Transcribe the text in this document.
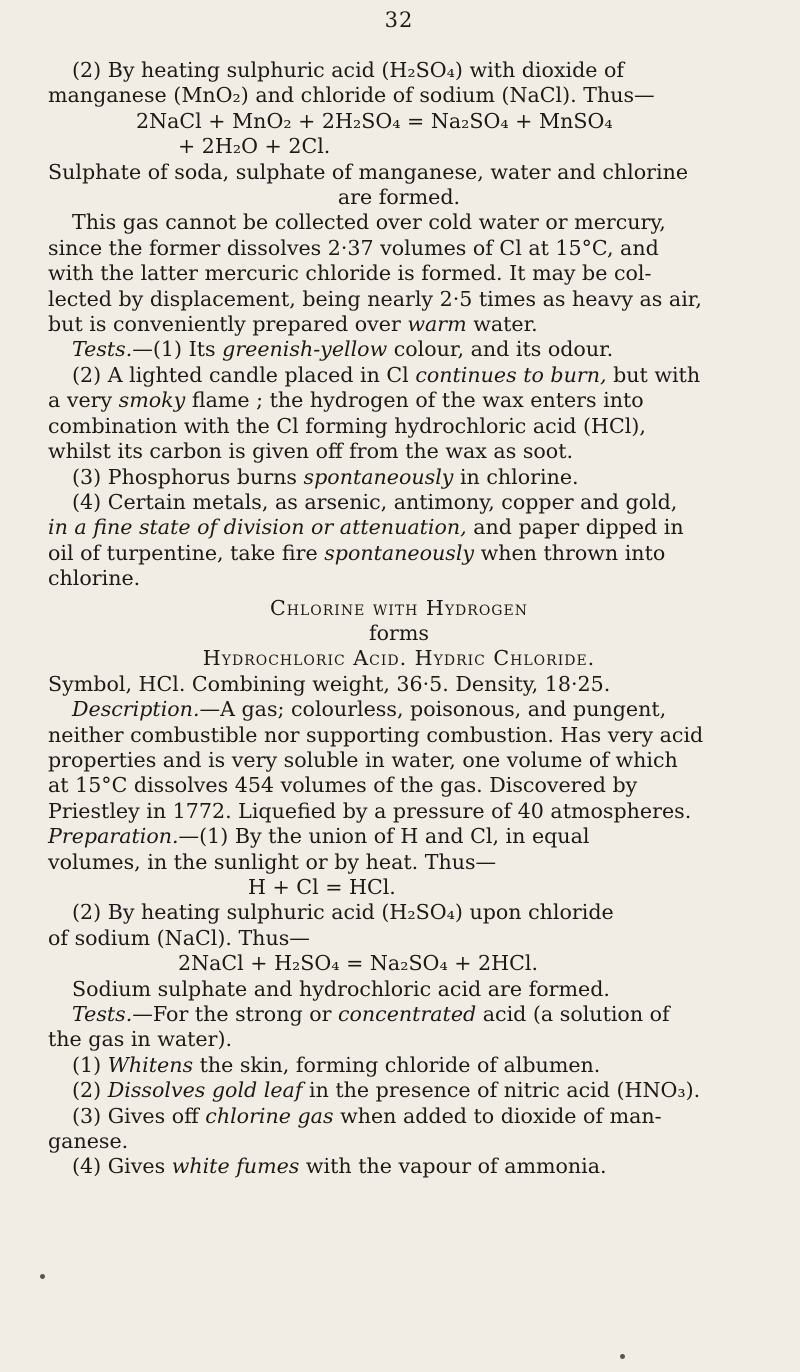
32

(2) By heating sulphuric acid (H₂SO₄) with dioxide of

manganese (MnO₂) and chloride of sodium (NaCl). Thus—

2NaCl + MnO₂ + 2H₂SO₄ = Na₂SO₄ + MnSO₄

+ 2H₂O + 2Cl.

Sulphate of soda, sulphate of manganese, water and chlorine

are formed.

This gas cannot be collected over cold water or mercury,

since the former dissolves 2·37 volumes of Cl at 15°C, and

with the latter mercuric chloride is formed. It may be col-

lected by displacement, being nearly 2·5 times as heavy as air,

but is conveniently prepared over warm water.

Tests.—(1) Its greenish-yellow colour, and its odour.

(2) A lighted candle placed in Cl continues to burn, but with

a very smoky flame ; the hydrogen of the wax enters into

combination with the Cl forming hydrochloric acid (HCl),

whilst its carbon is given off from the wax as soot.

(3) Phosphorus burns spontaneously in chlorine.

(4) Certain metals, as arsenic, antimony, copper and gold,

in a fine state of division or attenuation, and paper dipped in

oil of turpentine, take fire spontaneously when thrown into

chlorine.

Chlorine with Hydrogen

forms

Hydrochloric Acid. Hydric Chloride.

Symbol, HCl. Combining weight, 36·5. Density, 18·25.

Description.—A gas; colourless, poisonous, and pungent,

neither combustible nor supporting combustion. Has very acid

properties and is very soluble in water, one volume of which

at 15°C dissolves 454 volumes of the gas. Discovered by

Priestley in 1772. Liquefied by a pressure of 40 atmospheres.

Preparation.—(1) By the union of H and Cl, in equal

volumes, in the sunlight or by heat. Thus—

H + Cl = HCl.

(2) By heating sulphuric acid (H₂SO₄) upon chloride

of sodium (NaCl). Thus—

2NaCl + H₂SO₄ = Na₂SO₄ + 2HCl.

Sodium sulphate and hydrochloric acid are formed.

Tests.—For the strong or concentrated acid (a solution of

the gas in water).

(1) Whitens the skin, forming chloride of albumen.

(2) Dissolves gold leaf in the presence of nitric acid (HNO₃).

(3) Gives off chlorine gas when added to dioxide of man-

ganese.

(4) Gives white fumes with the vapour of ammonia.
